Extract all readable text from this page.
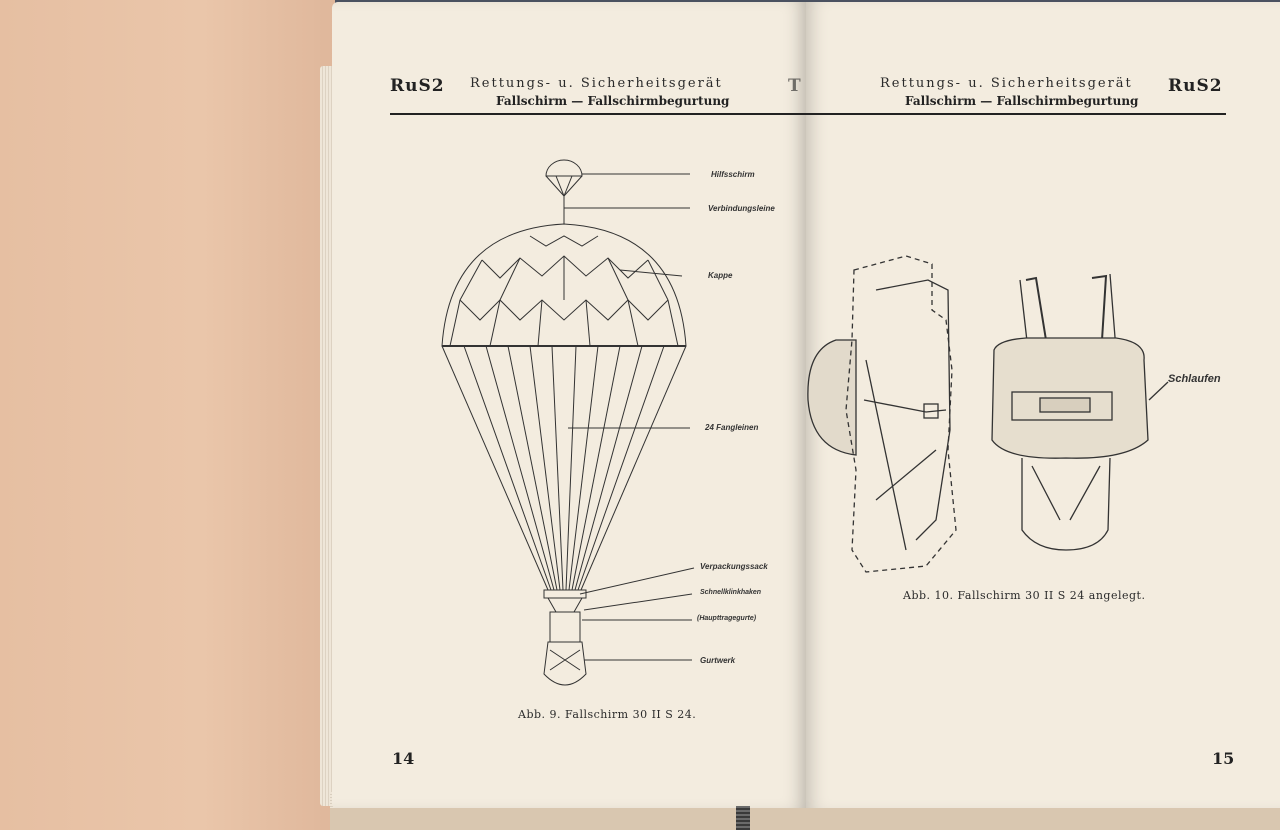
RuS2 Rettungs- u. Sicherheitsgerät
Fallschirm — Fallschirmbegurtung
Hilfsschirm
Verbindungsleine
Kappe
24 Fangleinen
Verpackungssack
Schnellklinkhaken
(Haupttragegurte)
Gurtwerk
Abb. 9. Fallschirm 30 II S 24.
14
T	Rettungs- u. Sicherheitsgerät
Fallschirm — Fallschirmbegurtung
RuS2
Schlaufen
Abb. 10. Fallschirm 30 II S 24 angelegt.
15
